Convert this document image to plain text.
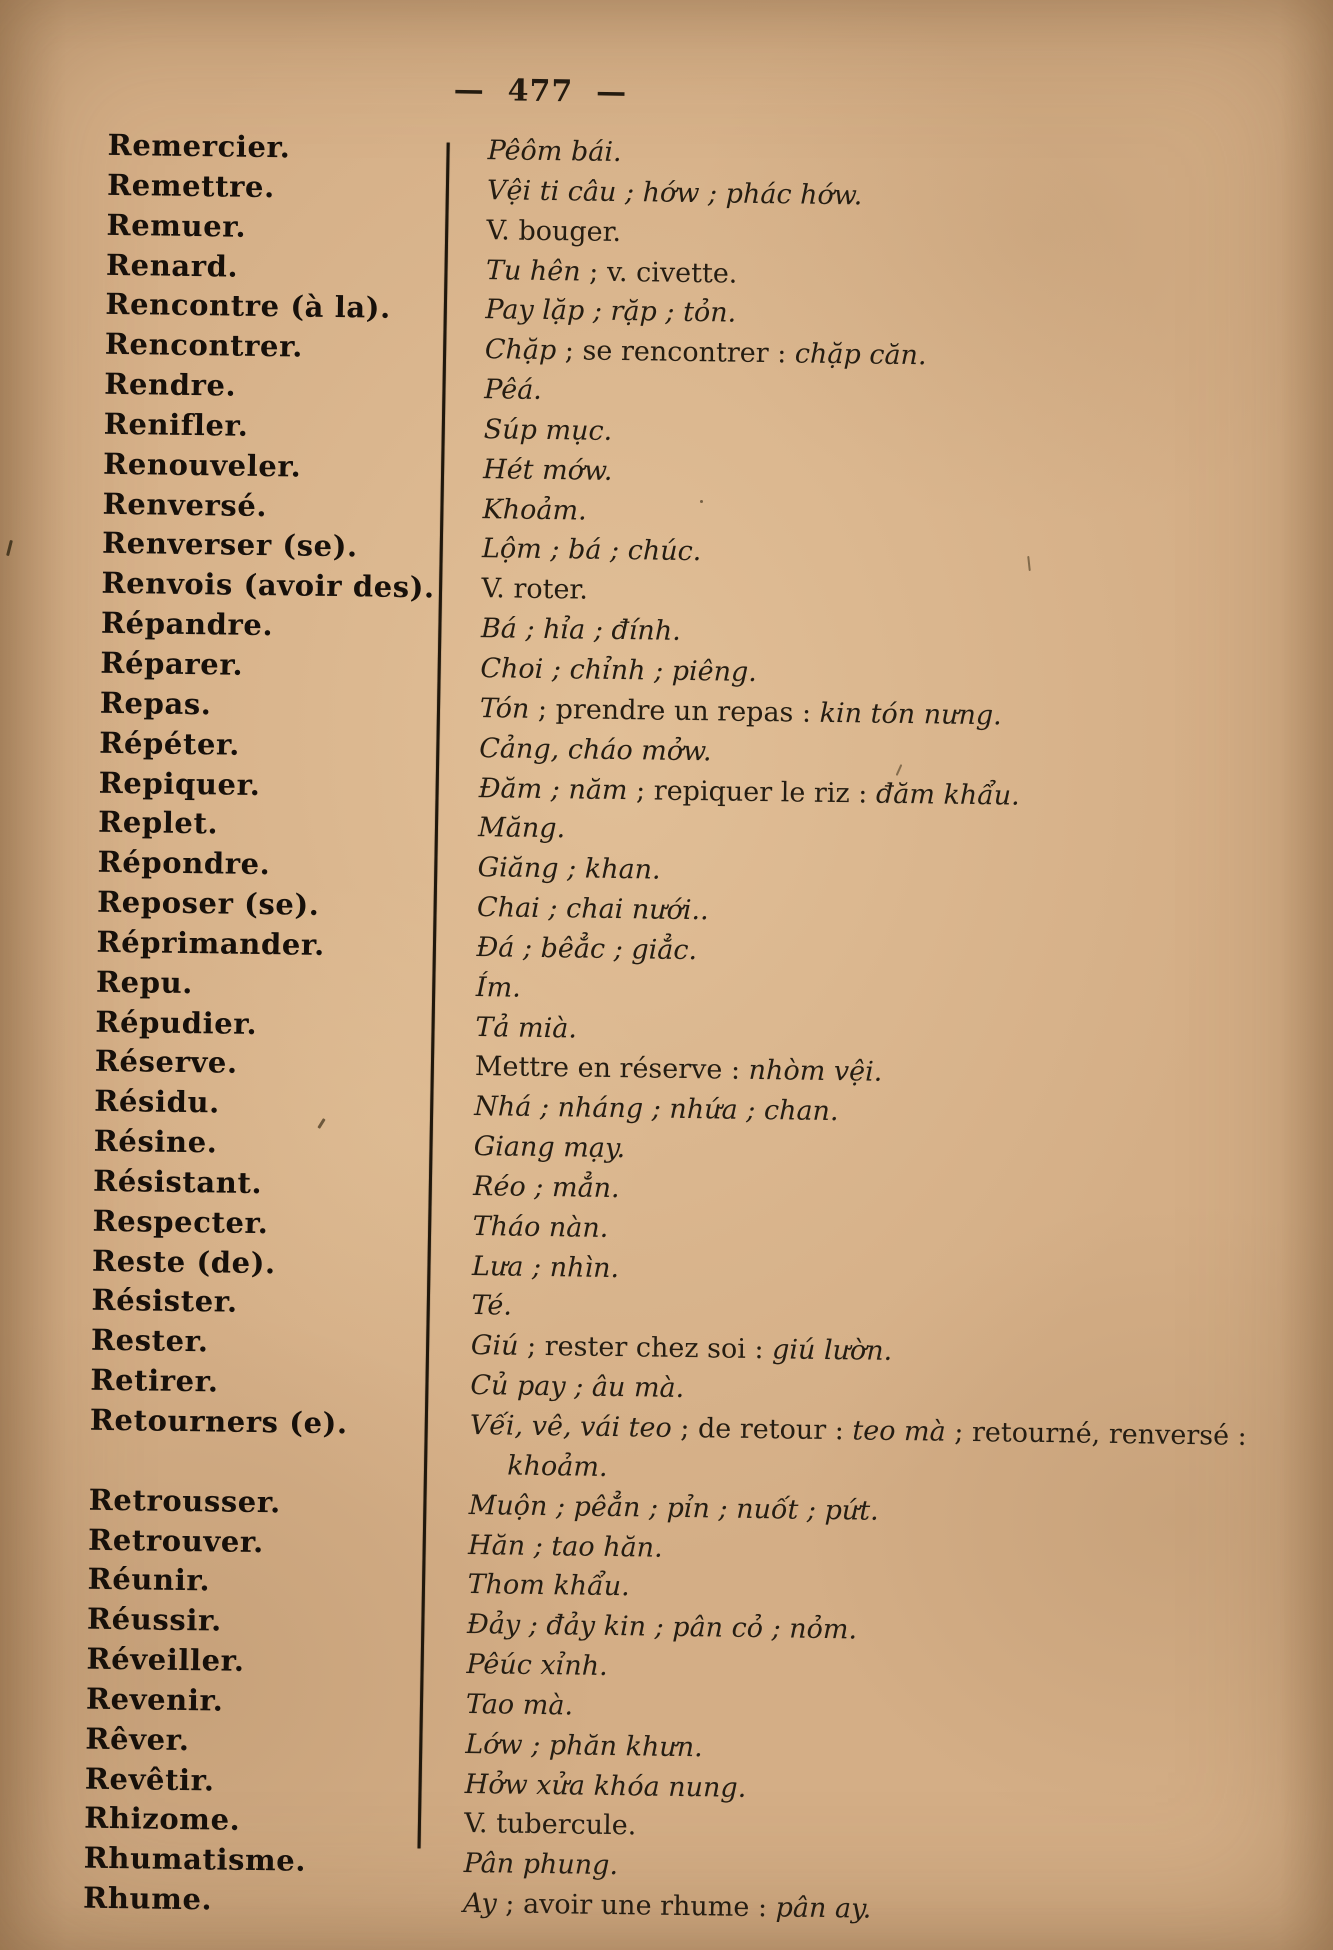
—  477  —
Remercier.	Pêôm bái.
Remettre.	Vệi ti câu ; hớw ; phác hớw.
Remuer.	V. bouger.
Renard.	Tu hên ; v. civette.
Rencontre (à la).	Pay lặp ; rặp ; tỏn.
Rencontrer.	Chặp ; se rencontrer : chặp căn.
Rendre.	Pêá.
Renifler.	Súp mục.
Renouveler.	Hét mớw.
Renversé.	Khoảm.
Renverser (se).	Lộm ; bá ; chúc.
Renvois (avoir des).	V. roter.
Répandre.	Bá ; hỉa ; đính.
Réparer.	Choi ; chỉnh ; piêng.
Repas.	Tón ; prendre un repas : kin tón nưng.
Répéter.	Cảng, cháo mởw.
Repiquer.	Đăm ; năm ; repiquer le riz : đăm khẩu.
Replet.	Măng.
Répondre.	Giăng ; khan.
Reposer (se).	Chai ; chai nưới..
Réprimander.	Đá ; bêẳc ; giẳc.
Repu.	Ím.
Répudier.	Tả mià.
Réserve.	Mettre en réserve : nhòm vệi.
Résidu.	Nhá ; nháng ; nhứa ; chan.
Résine.	Giang mạy.
Résistant.	Réo ; mẳn.
Respecter.	Tháo nàn.
Reste (de).	Lưa ; nhìn.
Résister.	Té.
Rester.	Giú ; rester chez soi : giú lườn.
Retirer.	Củ pay ; âu mà.
Retourners (e).	Vếi, vê, vái teo ; de retour : teo mà ; retourné, renversé :
khoảm.
Retrousser.	Muộn ; pêẳn ; pỉn ; nuốt ; pứt.
Retrouver.	Hăn ; tao hăn.
Réunir.	Thom khẩu.
Réussir.	Đảy ; đảy kin ; pân cỏ ; nỏm.
Réveiller.	Pêúc xỉnh.
Revenir.	Tao mà.
Rêver.	Lớw ; phăn khưn.
Revêtir.	Hởw xửa khóa nung.
Rhizome.	V. tubercule.
Rhumatisme.	Pân phung.
Rhume.	Ay ; avoir une rhume : pân ay.
